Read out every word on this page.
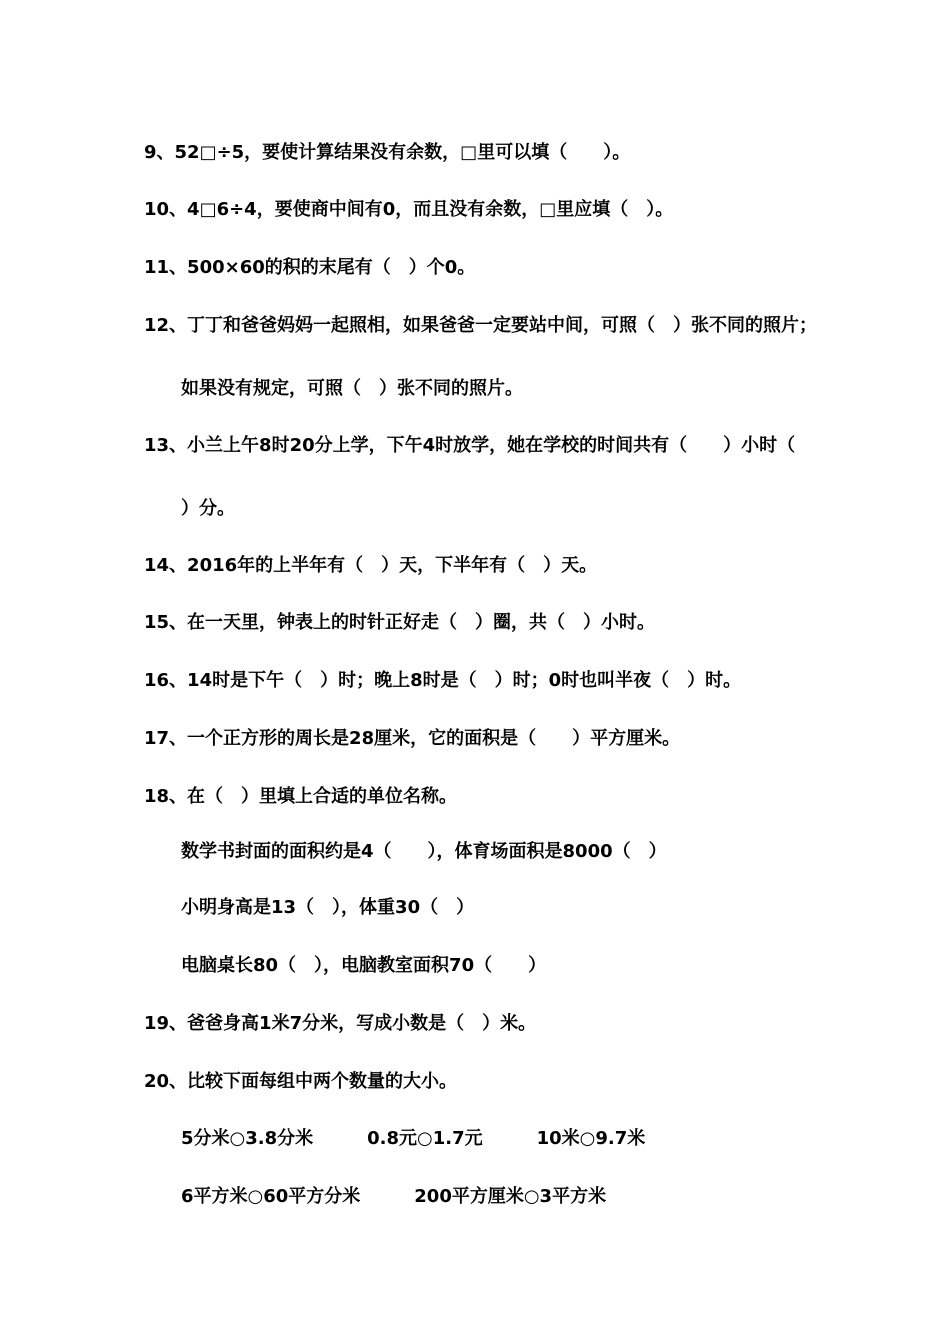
9、52□÷5，要使计算结果没有余数，□里可以填（　　）。
10、4□6÷4，要使商中间有0，而且没有余数，□里应填（　）。
11、500×60的积的末尾有（　）个0。
12、丁丁和爸爸妈妈一起照相，如果爸爸一定要站中间，可照（　）张不同的照片；
如果没有规定，可照（　）张不同的照片。
13、小兰上午8时20分上学，下午4时放学，她在学校的时间共有（　　）小时（
）分。
14、2016年的上半年有（　）天，下半年有（　）天。
15、在一天里，钟表上的时针正好走（　）圈，共（　）小时。
16、14时是下午（　）时；晚上8时是（　）时；0时也叫半夜（　）时。
17、一个正方形的周长是28厘米，它的面积是（　　）平方厘米。
18、在（　）里填上合适的单位名称。
数学书封面的面积约是4（　　），体育场面积是8000（　）
小明身高是13（　），体重30（　）
电脑桌长80（　），电脑教室面积70（　　）
19、爸爸身高1米7分米，写成小数是（　）米。
20、比较下面每组中两个数量的大小。
5分米○3.8分米　　　0.8元○1.7元　　　10米○9.7米
6平方米○60平方分米　　　200平方厘米○3平方米
